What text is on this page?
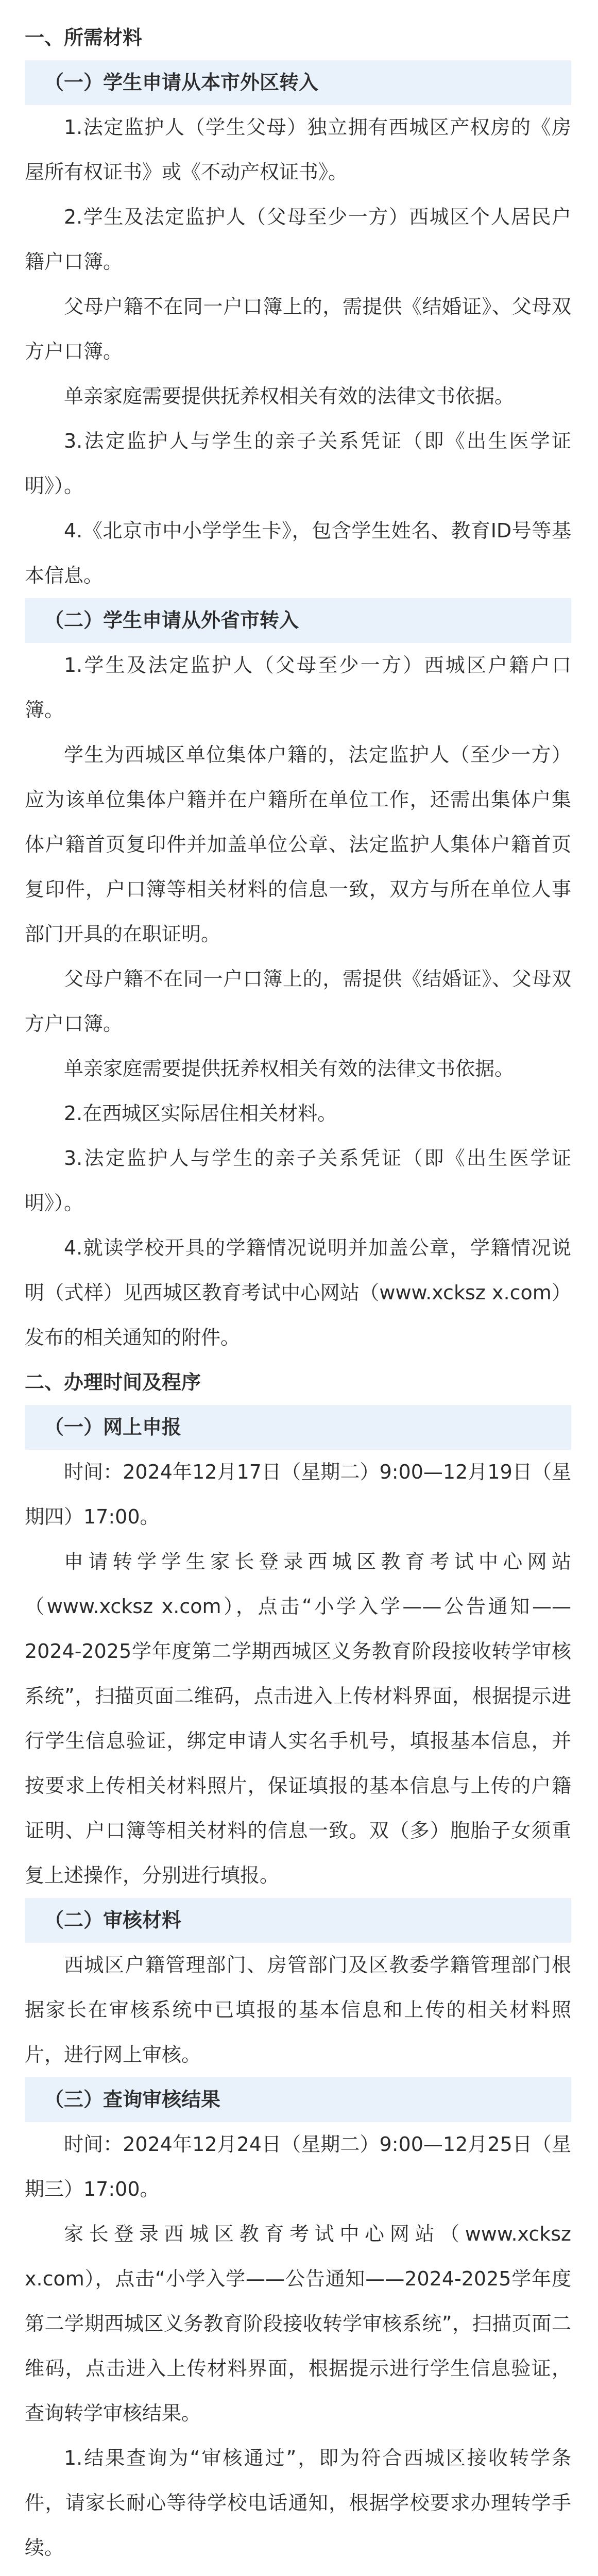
一、所需材料

（一）学生申请从本市外区转入

1.法定监护人（学生父母）独立拥有西城区产权房的《房屋所有权证书》或《不动产权证书》。

2.学生及法定监护人（父母至少一方）西城区个人居民户籍户口簿。

父母户籍不在同一户口簿上的，需提供《结婚证》、父母双方户口簿。

单亲家庭需要提供抚养权相关有效的法律文书依据。

3.法定监护人与学生的亲子关系凭证（即《出生医学证明》）。

4.《北京市中小学学生卡》，包含学生姓名、教育ID号等基本信息。

（二）学生申请从外省市转入

1.学生及法定监护人（父母至少一方）西城区户籍户口簿。

学生为西城区单位集体户籍的，法定监护人（至少一方）应为该单位集体户籍并在户籍所在单位工作，还需出集体户集体户籍首页复印件并加盖单位公章、法定监护人集体户籍首页复印件，户口簿等相关材料的信息一致，双方与所在单位人事部门开具的在职证明。

父母户籍不在同一户口簿上的，需提供《结婚证》、父母双方户口簿。

单亲家庭需要提供抚养权相关有效的法律文书依据。

2.在西城区实际居住相关材料。

3.法定监护人与学生的亲子关系凭证（即《出生医学证明》）。

4.就读学校开具的学籍情况说明并加盖公章，学籍情况说明（式样）见西城区教育考试中心网站（www.xcksz x.com）发布的相关通知的附件。

二、办理时间及程序

（一）网上申报

时间：2024年12月17日（星期二）9:00—12月19日（星期四）17:00。

申请转学学生家长登录西城区教育考试中心网站（www.xcksz x.com），点击“小学入学——公告通知——2024-2025学年度第二学期西城区义务教育阶段接收转学审核系统”，扫描页面二维码，点击进入上传材料界面，根据提示进行学生信息验证，绑定申请人实名手机号，填报基本信息，并按要求上传相关材料照片，保证填报的基本信息与上传的户籍证明、户口簿等相关材料的信息一致。双（多）胞胎子女须重复上述操作，分别进行填报。

（二）审核材料

西城区户籍管理部门、房管部门及区教委学籍管理部门根据家长在审核系统中已填报的基本信息和上传的相关材料照片，进行网上审核。

（三）查询审核结果

时间：2024年12月24日（星期二）9:00—12月25日（星期三）17:00。

家长登录西城区教育考试中心网站（www.xcksz x.com），点击“小学入学——公告通知——2024-2025学年度第二学期西城区义务教育阶段接收转学审核系统”，扫描页面二维码，点击进入上传材料界面，根据提示进行学生信息验证，查询转学审核结果。

1.结果查询为“审核通过”，即为符合西城区接收转学条件，请家长耐心等待学校电话通知，根据学校要求办理转学手续。
